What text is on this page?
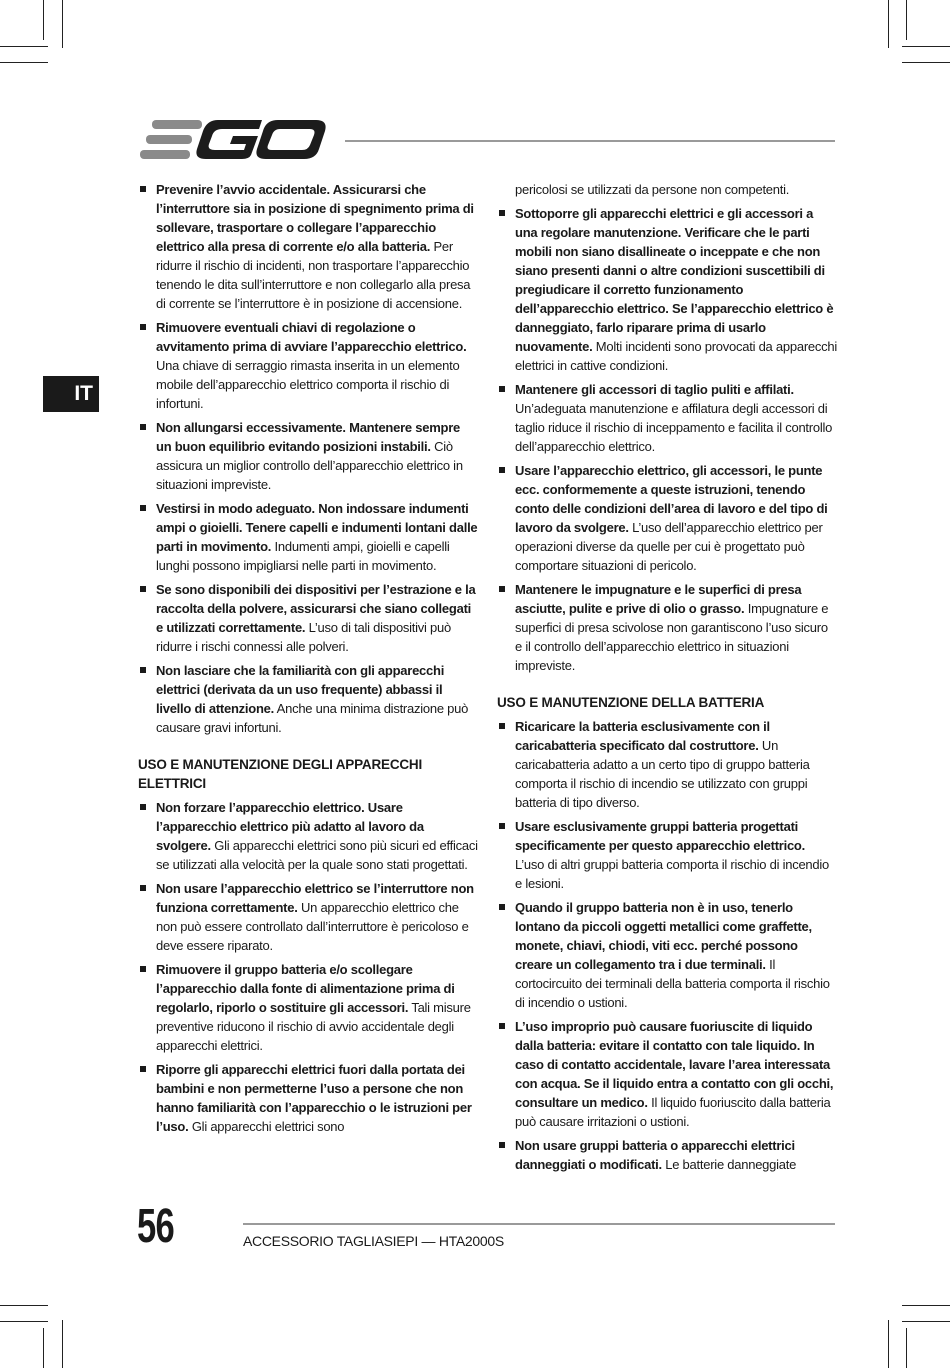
IT

Prevenire l’avvio accidentale. Assicurarsi che l’interruttore sia in posizione di spegnimento prima di sollevare, trasportare o collegare l’apparecchio elettrico alla presa di corrente e/o alla batteria. Per ridurre il rischio di incidenti, non trasportare l’apparecchio tenendo le dita sull’interruttore e non collegarlo alla presa di corrente se l’interruttore è in posizione di accensione.

Rimuovere eventuali chiavi di regolazione o avvitamento prima di avviare l’apparecchio elettrico. Una chiave di serraggio rimasta inserita in un elemento mobile dell’apparecchio elettrico comporta il rischio di infortuni.

Non allungarsi eccessivamente. Mantenere sempre un buon equilibrio evitando posizioni instabili. Ciò assicura un miglior controllo dell’apparecchio elettrico in situazioni impreviste.

Vestirsi in modo adeguato. Non indossare indumenti ampi o gioielli. Tenere capelli e indumenti lontani dalle parti in movimento. Indumenti ampi, gioielli e capelli lunghi possono impigliarsi nelle parti in movimento.

Se sono disponibili dei dispositivi per l’estrazione e la raccolta della polvere, assicurarsi che siano collegati e utilizzati correttamente. L’uso di tali dispositivi può ridurre i rischi connessi alle polveri.

Non lasciare che la familiarità con gli apparecchi elettrici (derivata da un uso frequente) abbassi il livello di attenzione. Anche una minima distrazione può causare gravi infortuni.

USO E MANUTENZIONE DEGLI APPARECCHI ELETTRICI

Non forzare l’apparecchio elettrico. Usare l’apparecchio elettrico più adatto al lavoro da svolgere. Gli apparecchi elettrici sono più sicuri ed efficaci se utilizzati alla velocità per la quale sono stati progettati.

Non usare l’apparecchio elettrico se l’interruttore non funziona correttamente. Un apparecchio elettrico che non può essere controllato dall’interruttore è pericoloso e deve essere riparato.

Rimuovere il gruppo batteria e/o scollegare l’apparecchio dalla fonte di alimentazione prima di regolarlo, riporlo o sostituire gli accessori. Tali misure preventive riducono il rischio di avvio accidentale degli apparecchi elettrici.

Riporre gli apparecchi elettrici fuori dalla portata dei bambini e non permetterne l’uso a persone che non hanno familiarità con l’apparecchio o le istruzioni per l’uso. Gli apparecchi elettrici sono

pericolosi se utilizzati da persone non competenti.

Sottoporre gli apparecchi elettrici e gli accessori a una regolare manutenzione. Verificare che le parti mobili non siano disallineate o inceppate e che non siano presenti danni o altre condizioni suscettibili di pregiudicare il corretto funzionamento dell’apparecchio elettrico. Se l’apparecchio elettrico è danneggiato, farlo riparare prima di usarlo nuovamente. Molti incidenti sono provocati da apparecchi elettrici in cattive condizioni.

Mantenere gli accessori di taglio puliti e affilati. Un’adeguata manutenzione e affilatura degli accessori di taglio riduce il rischio di inceppamento e facilita il controllo dell’apparecchio elettrico.

Usare l’apparecchio elettrico, gli accessori, le punte ecc. conformemente a queste istruzioni, tenendo conto delle condizioni dell’area di lavoro e del tipo di lavoro da svolgere. L’uso dell’apparecchio elettrico per operazioni diverse da quelle per cui è progettato può comportare situazioni di pericolo.

Mantenere le impugnature e le superfici di presa asciutte, pulite e prive di olio o grasso. Impugnature e superfici di presa scivolose non garantiscono l’uso sicuro e il controllo dell’apparecchio elettrico in situazioni impreviste.

USO E MANUTENZIONE DELLA BATTERIA

Ricaricare la batteria esclusivamente con il caricabatteria specificato dal costruttore. Un caricabatteria adatto a un certo tipo di gruppo batteria comporta il rischio di incendio se utilizzato con gruppi batteria di tipo diverso.

Usare esclusivamente gruppi batteria progettati specificamente per questo apparecchio elettrico. L’uso di altri gruppi batteria comporta il rischio di incendio e lesioni.

Quando il gruppo batteria non è in uso, tenerlo lontano da piccoli oggetti metallici come graffette, monete, chiavi, chiodi, viti ecc. perché possono creare un collegamento tra i due terminali. Il cortocircuito dei terminali della batteria comporta il rischio di incendio o ustioni.

L’uso improprio può causare fuoriuscite di liquido dalla batteria: evitare il contatto con tale liquido. In caso di contatto accidentale, lavare l’area interessata con acqua. Se il liquido entra a contatto con gli occhi, consultare un medico. Il liquido fuoriuscito dalla batteria può causare irritazioni o ustioni.

Non usare gruppi batteria o apparecchi elettrici danneggiati o modificati. Le batterie danneggiate

56	ACCESSORIO TAGLIASIEPI — HTA2000S
